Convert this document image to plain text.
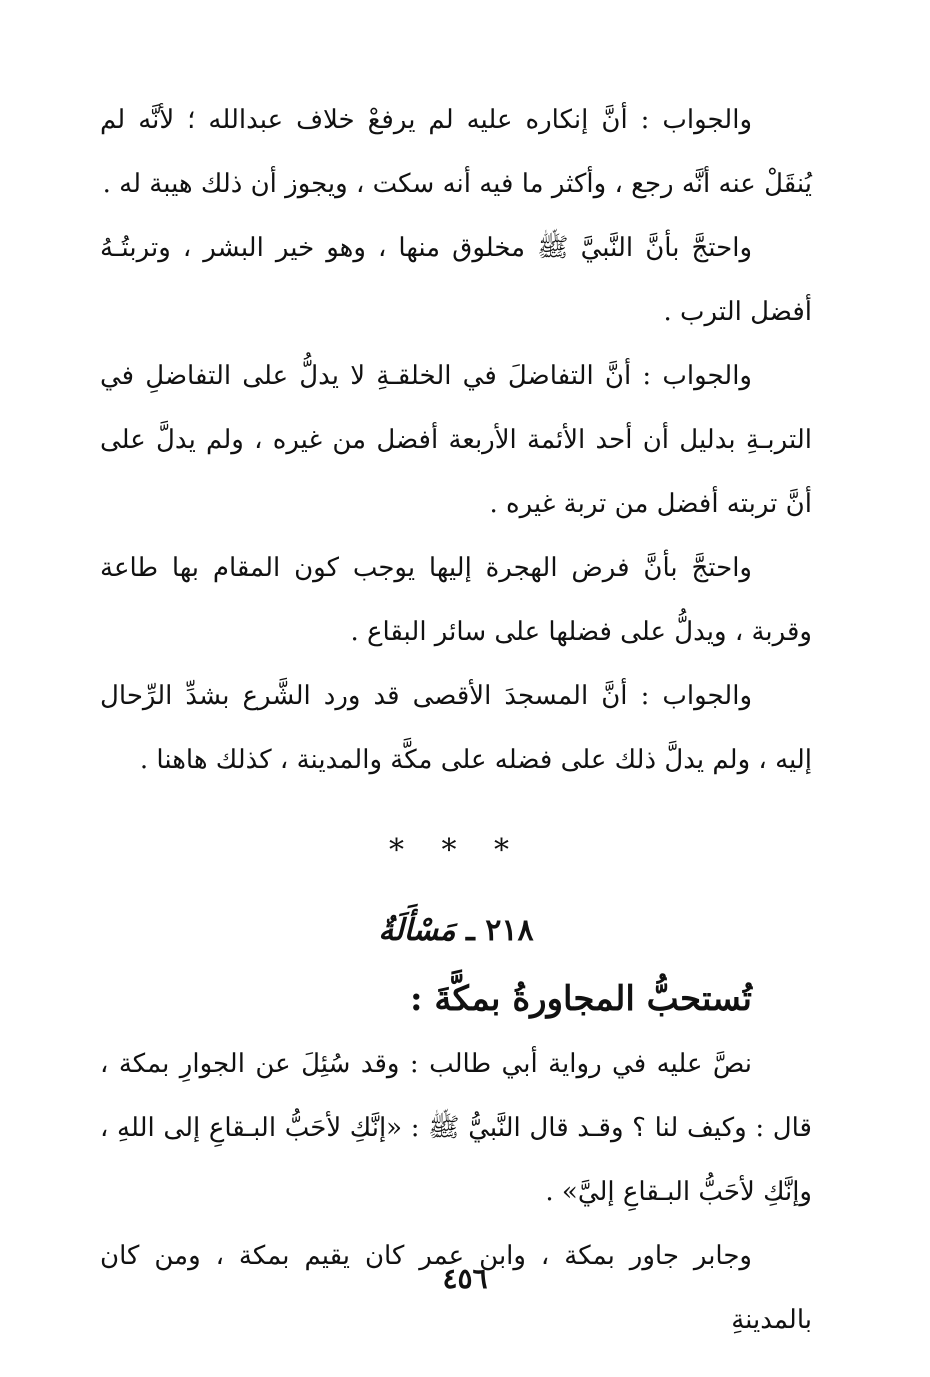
والجواب : أنَّ إنكاره عليه لم يرفعْ خلاف عبدالله ؛ لأنَّه لم يُنقَلْ عنه أنَّه رجع ، وأكثر ما فيه أنه سكت ، ويجوز أن ذلك هيبة له .

واحتجَّ بأنَّ النَّبيَّ ﷺ مخلوق منها ، وهو خير البشر ، وتربتُـهُ أفضل الترب .

والجواب : أنَّ التفاضلَ في الخلقـةِ لا يدلُّ على التفاضلِ في التربـةِ بدليل أن أحد الأئمة الأربعة أفضل من غيره ، ولم يدلَّ على أنَّ تربته أفضل من تربة غيره .

واحتجَّ بأنَّ فرض الهجرة إليها يوجب كون المقام بها طاعة وقربة ، ويدلُّ على فضلها على سائر البقاع .

والجواب : أنَّ المسجدَ الأقصى قد ورد الشَّرع بشدِّ الرِّحال إليه ، ولم يدلَّ ذلك على فضله على مكَّة والمدينة ، كذلك هاهنا .

* * *
٢١٨ ـ مَسْأَلَةٌ
تُستحبُّ المجاورةُ بمكَّةَ :

نصَّ عليه في رواية أبي طالب : وقد سُئِلَ عن الجوارِ بمكة ، قال : وكيف لنا ؟ وقـد قال النَّبيُّ ﷺ : «إنَّكِ لأحَبُّ البـقاعِ إلى اللهِ ، وإنَّكِ لأحَبُّ البـقاعِ إليَّ» .

وجابر جاور بمكة ، وابن عمر كان يقيم بمكة ، ومن كان بالمدينةِ

٤٥٦
